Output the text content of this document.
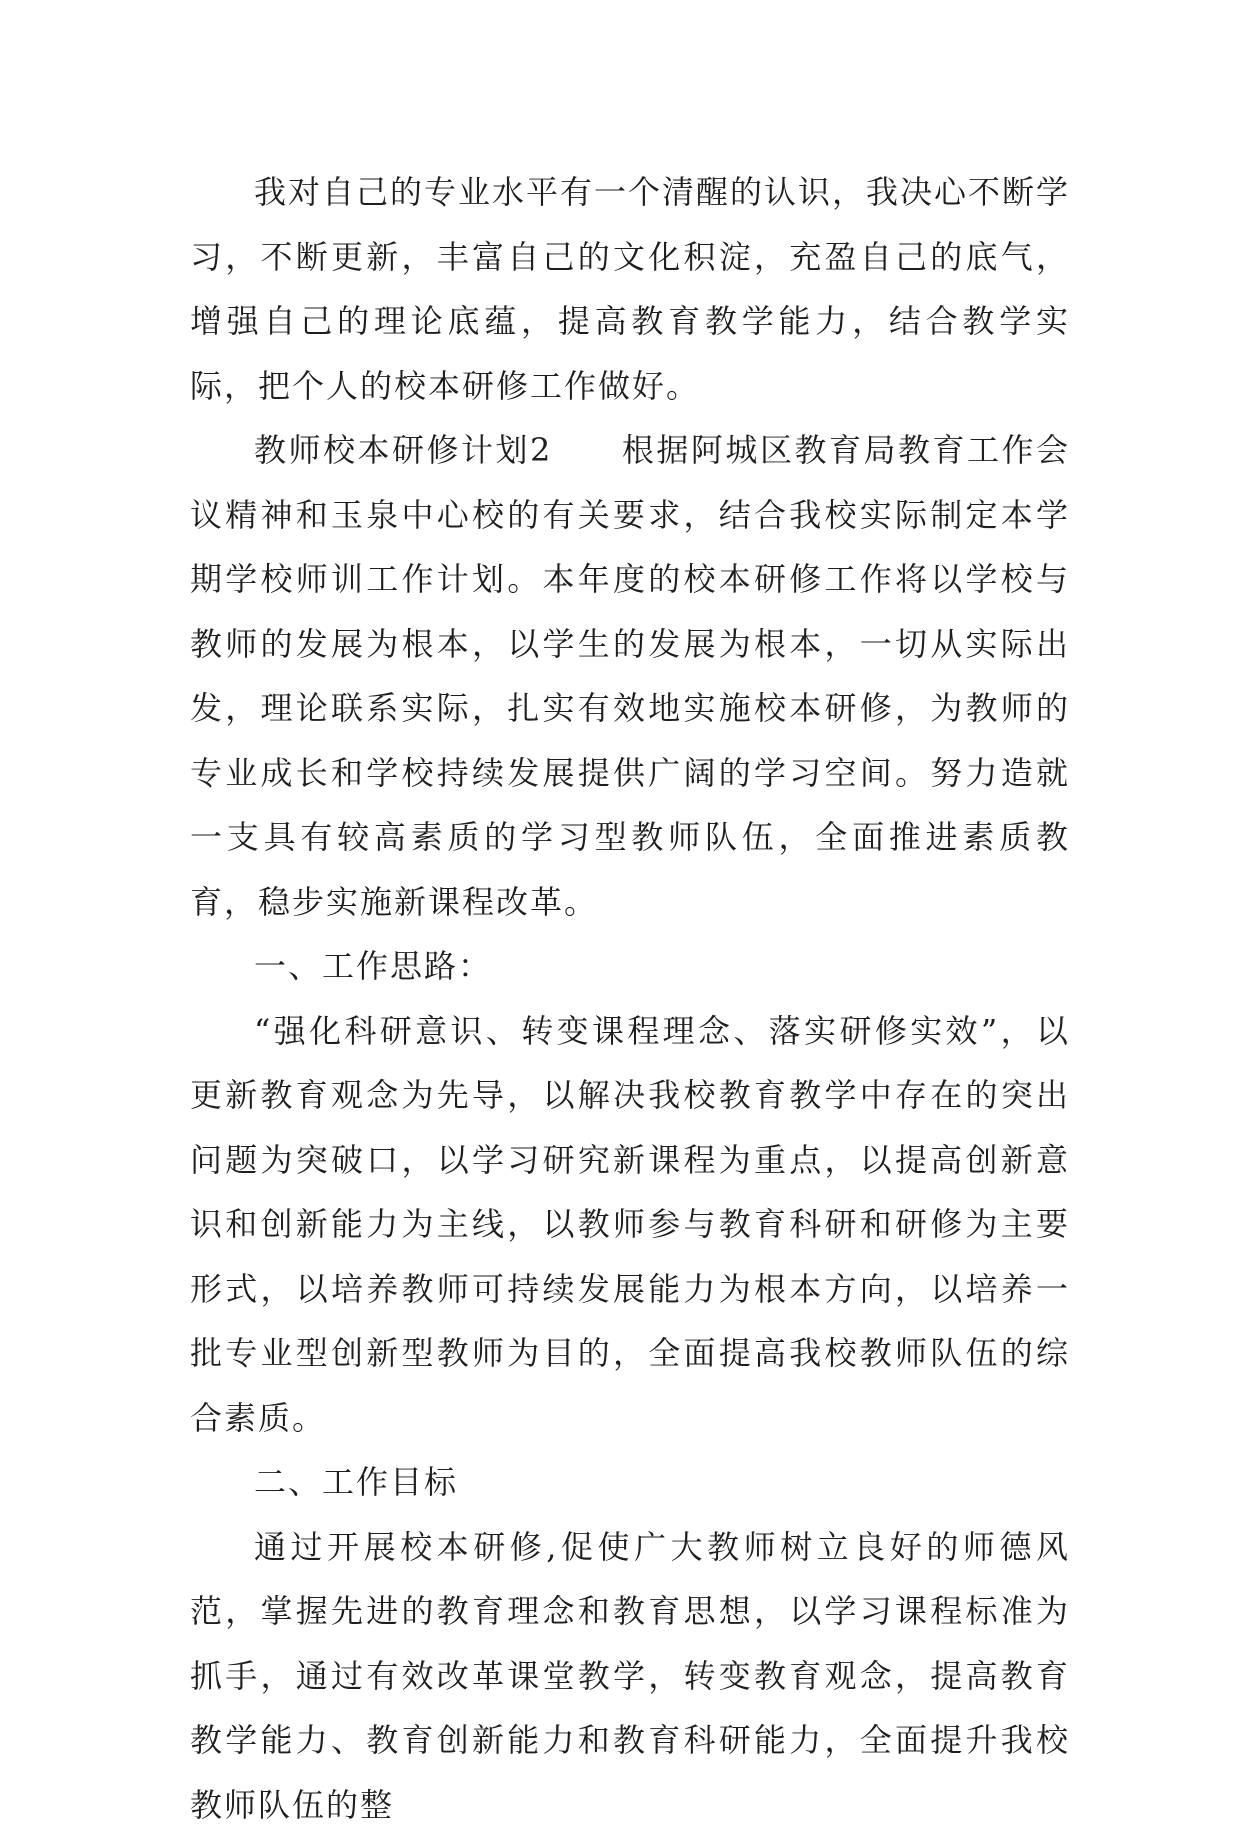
我对自己的专业水平有一个清醒的认识，我决心不断学习，不断更新，丰富自己的文化积淀，充盈自己的底气，增强自己的理论底蕴，提高教育教学能力，结合教学实际，把个人的校本研修工作做好。

教师校本研修计划2　　根据阿城区教育局教育工作会议精神和玉泉中心校的有关要求，结合我校实际制定本学期学校师训工作计划。本年度的校本研修工作将以学校与教师的发展为根本，以学生的发展为根本，一切从实际出发，理论联系实际，扎实有效地实施校本研修，为教师的专业成长和学校持续发展提供广阔的学习空间。努力造就一支具有较高素质的学习型教师队伍，全面推进素质教育，稳步实施新课程改革。

一、工作思路：

“强化科研意识、转变课程理念、落实研修实效”，以更新教育观念为先导，以解决我校教育教学中存在的突出问题为突破口，以学习研究新课程为重点，以提高创新意识和创新能力为主线，以教师参与教育科研和研修为主要形式，以培养教师可持续发展能力为根本方向，以培养一批专业型创新型教师为目的，全面提高我校教师队伍的综合素质。

二、工作目标

通过开展校本研修,促使广大教师树立良好的师德风范，掌握先进的教育理念和教育思想，以学习课程标准为抓手，通过有效改革课堂教学，转变教育观念，提高教育教学能力、教育创新能力和教育科研能力，全面提升我校教师队伍的整
